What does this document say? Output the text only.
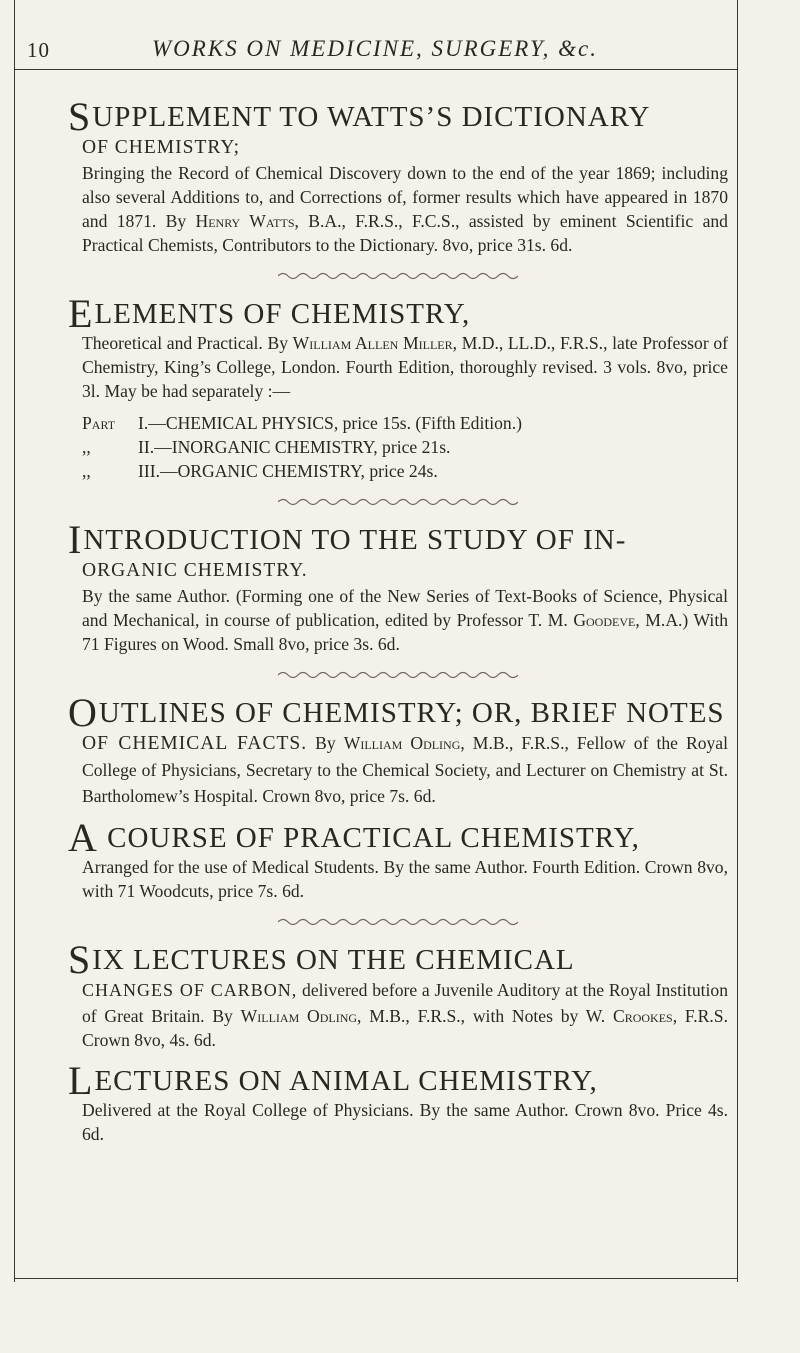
10	WORKS ON MEDICINE, SURGERY, &c.
SUPPLEMENT TO WATTS’S DICTIONARY
OF CHEMISTRY;
Bringing the Record of Chemical Discovery down to the end of the year 1869; including also several Additions to, and Corrections of, former results which have appeared in 1870 and 1871. By Henry Watts, B.A., F.R.S., F.C.S., assisted by eminent Scientific and Practical Chemists, Contributors to the Dictionary. 8vo, price 31s. 6d.
ELEMENTS OF CHEMISTRY,
Theoretical and Practical. By William Allen Miller, M.D., LL.D., F.R.S., late Professor of Chemistry, King’s College, London. Fourth Edition, thoroughly revised. 3 vols. 8vo, price 3l. May be had separately :—
Part I.—CHEMICAL PHYSICS, price 15s. (Fifth Edition.)
,,	II.—INORGANIC CHEMISTRY, price 21s.
,,	III.—ORGANIC CHEMISTRY, price 24s.
INTRODUCTION TO THE STUDY OF IN-
ORGANIC CHEMISTRY.
By the same Author. (Forming one of the New Series of Text-Books of Science, Physical and Mechanical, in course of publication, edited by Professor T. M. Goodeve, M.A.) With 71 Figures on Wood. Small 8vo, price 3s. 6d.
OUTLINES OF CHEMISTRY; OR, BRIEF NOTES
OF CHEMICAL FACTS. By William Odling, M.B., F.R.S., Fellow of the Royal College of Physicians, Secretary to the Chemical Society, and Lecturer on Chemistry at St. Bartholomew’s Hospital. Crown 8vo, price 7s. 6d.
A COURSE OF PRACTICAL CHEMISTRY,
Arranged for the use of Medical Students. By the same Author. Fourth Edition. Crown 8vo, with 71 Woodcuts, price 7s. 6d.
SIX LECTURES ON THE CHEMICAL
CHANGES OF CARBON, delivered before a Juvenile Auditory at the Royal Institution of Great Britain. By William Odling, M.B., F.R.S., with Notes by W. Crookes, F.R.S. Crown 8vo, 4s. 6d.
LECTURES ON ANIMAL CHEMISTRY,
Delivered at the Royal College of Physicians. By the same Author. Crown 8vo. Price 4s. 6d.
